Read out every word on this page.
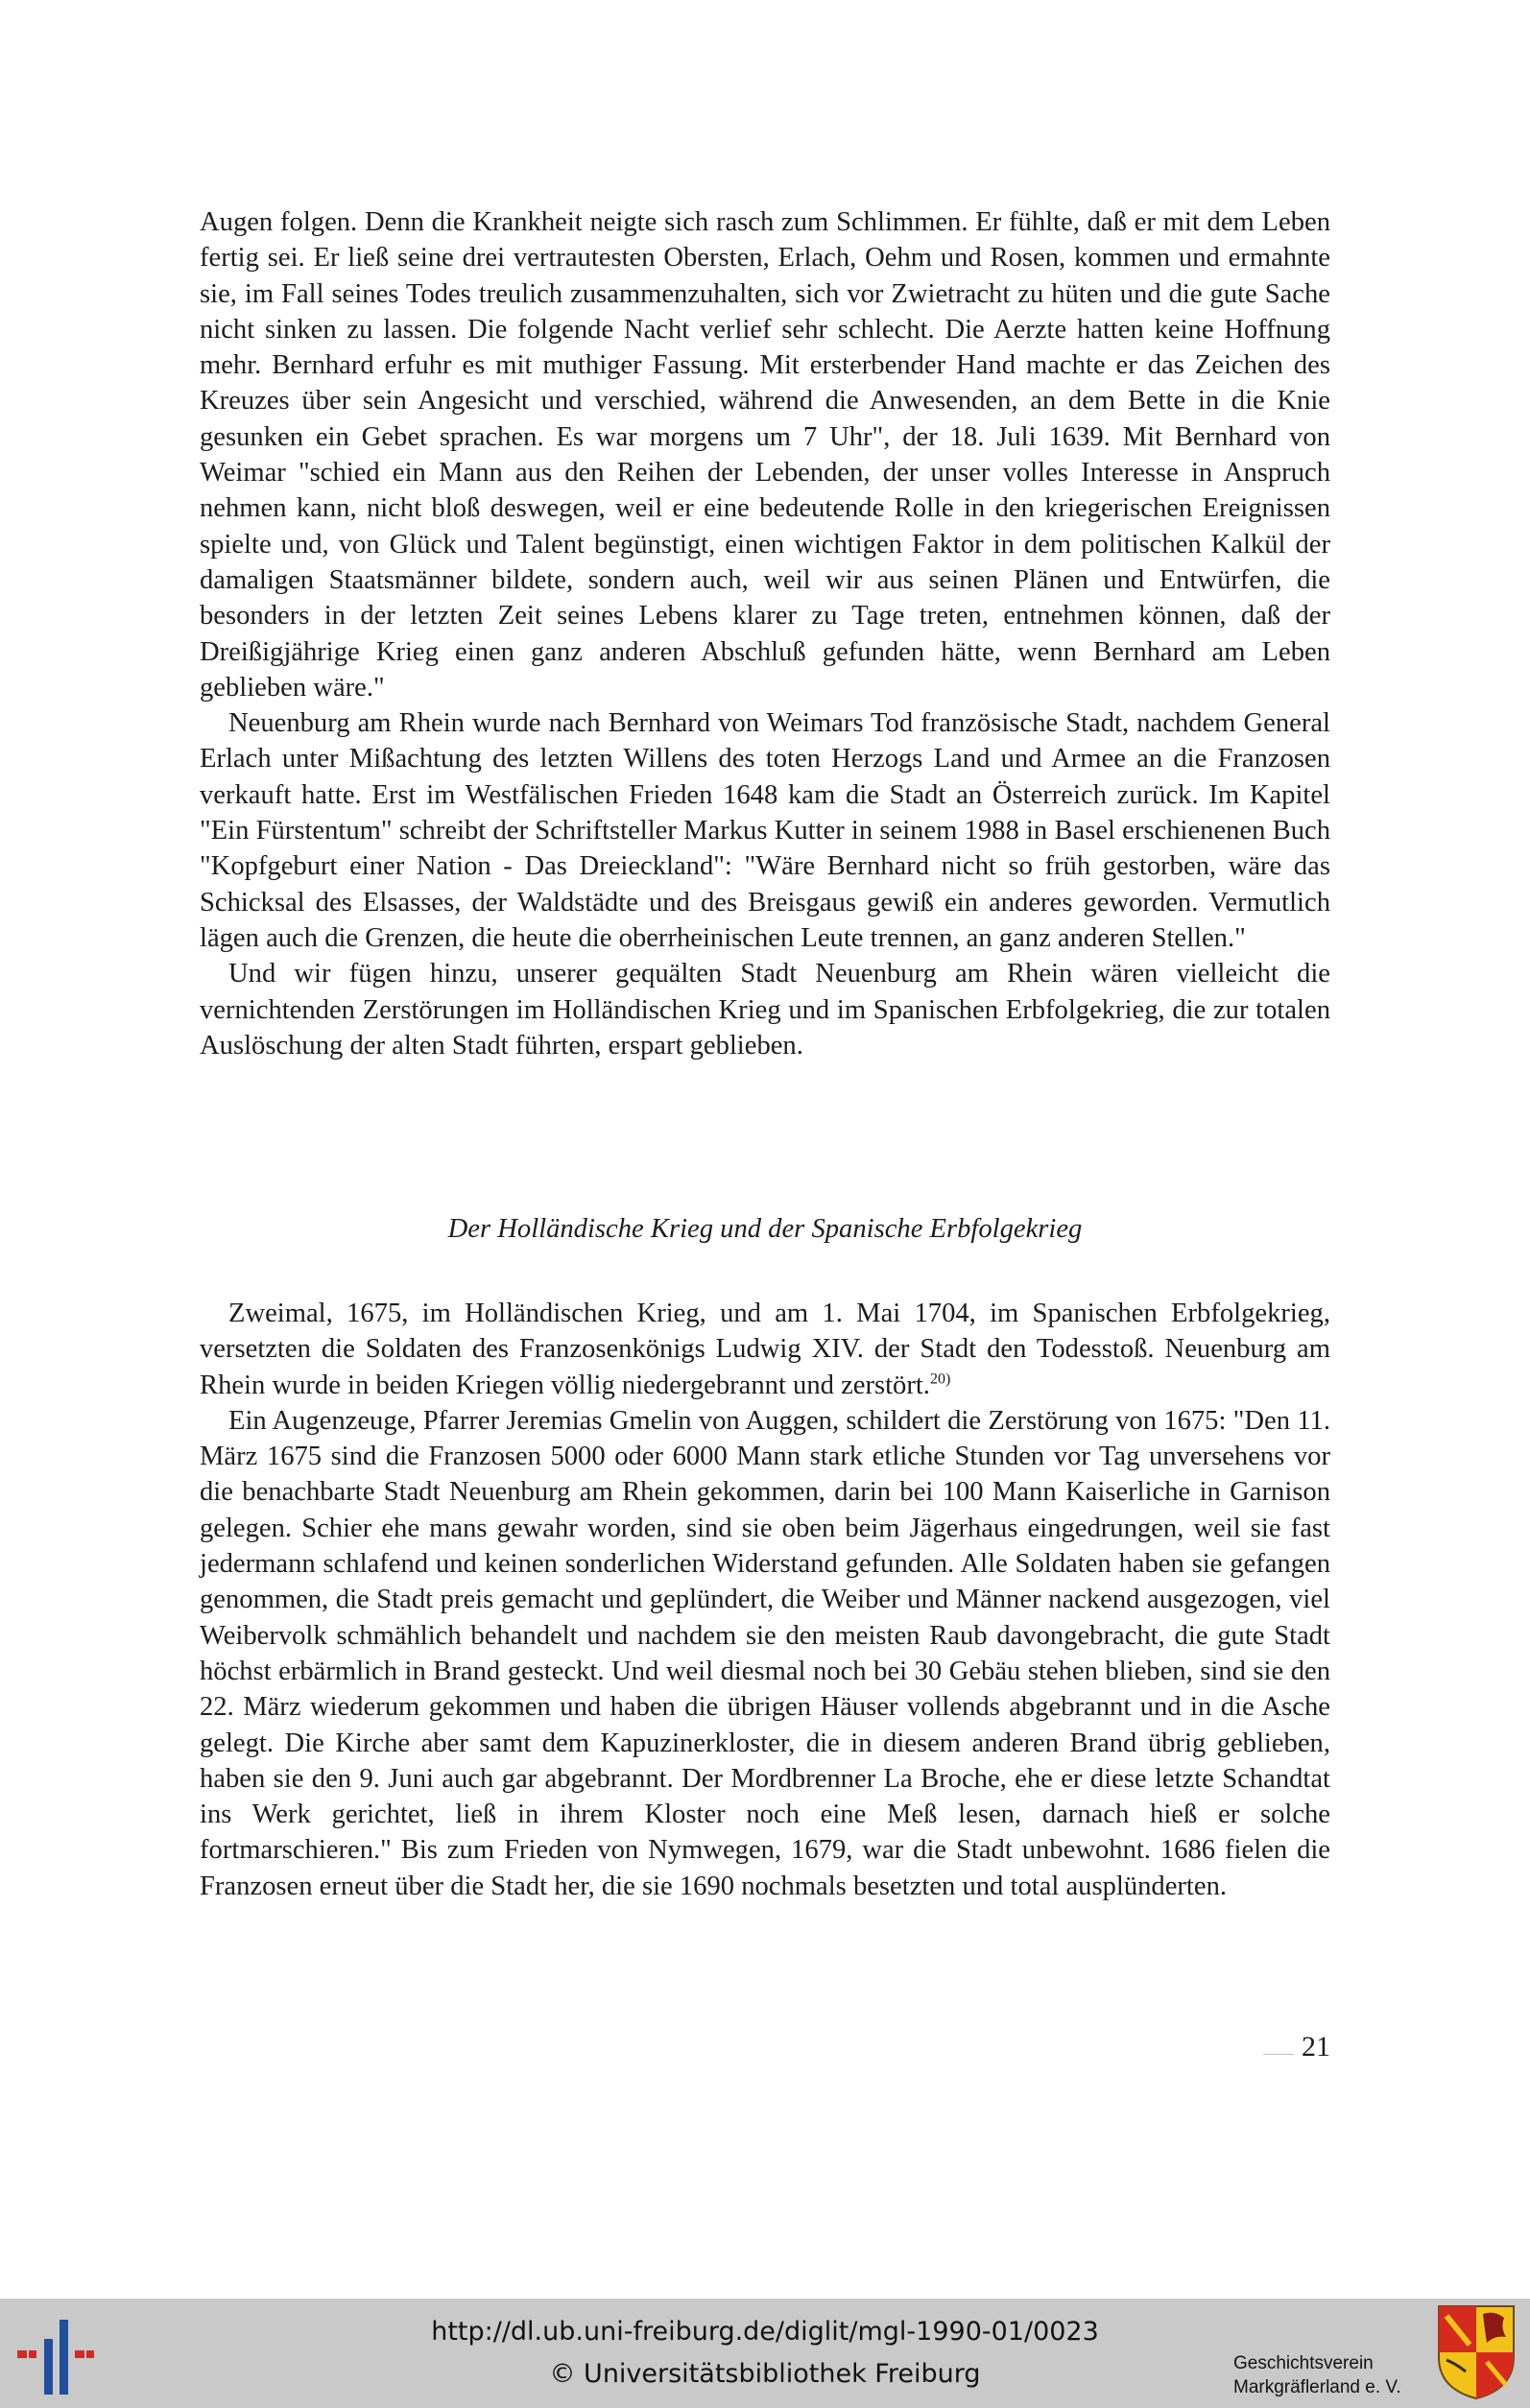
Augen folgen. Denn die Krankheit neigte sich rasch zum Schlimmen. Er fühlte, daß er mit dem Leben fertig sei. Er ließ seine drei vertrautesten Obersten, Erlach, Oehm und Rosen, kommen und ermahnte sie, im Fall seines Todes treulich zusammenzuhalten, sich vor Zwietracht zu hüten und die gute Sache nicht sinken zu lassen. Die folgende Nacht verlief sehr schlecht. Die Aerzte hatten keine Hoffnung mehr. Bernhard erfuhr es mit muthiger Fassung. Mit ersterbender Hand machte er das Zeichen des Kreuzes über sein Angesicht und verschied, während die Anwesenden, an dem Bette in die Knie gesunken ein Gebet sprachen. Es war morgens um 7 Uhr", der 18. Juli 1639. Mit Bernhard von Weimar "schied ein Mann aus den Reihen der Lebenden, der unser volles Interesse in Anspruch nehmen kann, nicht bloß deswegen, weil er eine bedeutende Rolle in den kriegerischen Ereignissen spielte und, von Glück und Talent begünstigt, einen wichtigen Faktor in dem politischen Kalkül der damaligen Staatsmänner bildete, sondern auch, weil wir aus seinen Plänen und Entwürfen, die besonders in der letzten Zeit seines Lebens klarer zu Tage treten, entnehmen können, daß der Dreißigjährige Krieg einen ganz anderen Abschluß gefunden hätte, wenn Bernhard am Leben geblieben wäre."

Neuenburg am Rhein wurde nach Bernhard von Weimars Tod französische Stadt, nachdem General Erlach unter Mißachtung des letzten Willens des toten Herzogs Land und Armee an die Franzosen verkauft hatte. Erst im Westfälischen Frieden 1648 kam die Stadt an Österreich zurück. Im Kapitel "Ein Fürstentum" schreibt der Schriftsteller Markus Kutter in seinem 1988 in Basel erschienenen Buch "Kopfgeburt einer Nation - Das Dreieckland": "Wäre Bernhard nicht so früh gestorben, wäre das Schicksal des Elsasses, der Waldstädte und des Breisgaus gewiß ein anderes geworden. Vermutlich lägen auch die Grenzen, die heute die oberrheinischen Leute trennen, an ganz anderen Stellen."

Und wir fügen hinzu, unserer gequälten Stadt Neuenburg am Rhein wären vielleicht die vernichtenden Zerstörungen im Holländischen Krieg und im Spanischen Erbfolgekrieg, die zur totalen Auslöschung der alten Stadt führten, erspart geblieben.

Der Holländische Krieg und der Spanische Erbfolgekrieg

Zweimal, 1675, im Holländischen Krieg, und am 1. Mai 1704, im Spanischen Erbfolgekrieg, versetzten die Soldaten des Franzosenkönigs Ludwig XIV. der Stadt den Todesstoß. Neuenburg am Rhein wurde in beiden Kriegen völlig niedergebrannt und zerstört.$^{20)}$

Ein Augenzeuge, Pfarrer Jeremias Gmelin von Auggen, schildert die Zerstörung von 1675: "Den 11. März 1675 sind die Franzosen 5000 oder 6000 Mann stark etliche Stunden vor Tag unversehens vor die benachbarte Stadt Neuenburg am Rhein gekommen, darin bei 100 Mann Kaiserliche in Garnison gelegen. Schier ehe mans gewahr worden, sind sie oben beim Jägerhaus eingedrungen, weil sie fast jedermann schlafend und keinen sonderlichen Widerstand gefunden. Alle Soldaten haben sie gefangen genommen, die Stadt preis gemacht und geplündert, die Weiber und Männer nackend ausgezogen, viel Weibervolk schmählich behandelt und nachdem sie den meisten Raub davongebracht, die gute Stadt höchst erbärmlich in Brand gesteckt. Und weil diesmal noch bei 30 Gebäu stehen blieben, sind sie den 22. März wiederum gekommen und haben die übrigen Häuser vollends abgebrannt und in die Asche gelegt. Die Kirche aber samt dem Kapuzinerkloster, die in diesem anderen Brand übrig geblieben, haben sie den 9. Juni auch gar abgebrannt. Der Mordbrenner La Broche, ehe er diese letzte Schandtat ins Werk gerichtet, ließ in ihrem Kloster noch eine Meß lesen, darnach hieß er solche fortmarschieren." Bis zum Frieden von Nymwegen, 1679, war die Stadt unbewohnt. 1686 fielen die Franzosen erneut über die Stadt her, die sie 1690 nochmals besetzten und total ausplünderten.

21
http://dl.ub.uni-freiburg.de/diglit/mgl-1990-01/0023
© Universitätsbibliothek Freiburg	Geschichtsverein
Markgräflerland e. V.
